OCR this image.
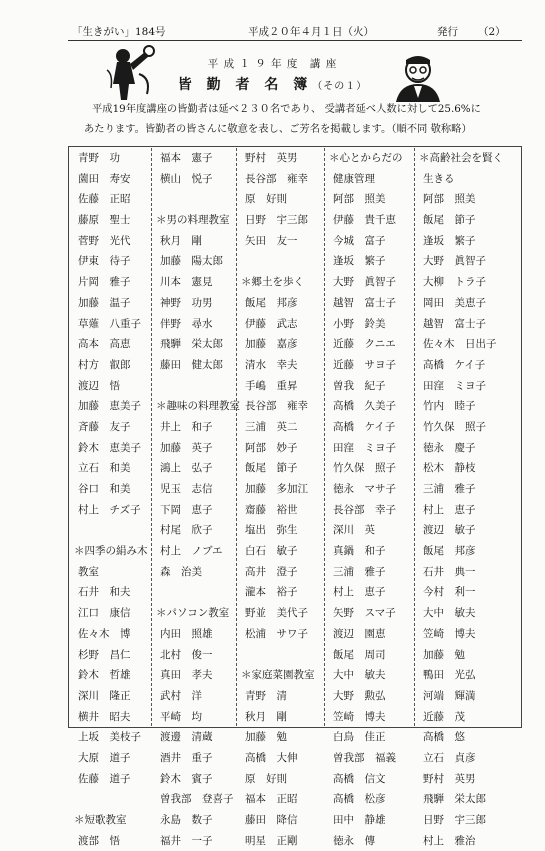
「生きがい」184号	平成２０年４月１日（火）	発行 （2）
平 成 １ ９ 年 度　講 座
皆 勤 者 名 簿（その１）
平成19年度講座の皆勤者は延べ２３０名であり、 受講者延べ人数に対して25.6%に
あたります。皆勤者の皆さんに敬意を表し、ご芳名を掲載します。（順不同 敬称略）
青野　功
薗田　寿安
佐藤　正昭
藤原　聖士
菅野　光代
伊東　待子
片岡　雅子
加藤　温子
草薙　八重子
高本　高恵
村方　叡郎
渡辺　悟
加藤　恵美子
斉藤　友子
鈴木　恵美子
立石　和美
谷口　和美
村上　チズ子
＊四季の絹み木
教室
石井　和夫
江口　康信
佐々木　博
杉野　昌仁
鈴木　哲雄
深川　隆正
横井　昭夫
上坂　美枝子
大原　道子
佐藤　道子
＊短歌教室
渡部　悟
福本　憲子
横山　悦子
＊男の料理教室
秋月　剛
加藤　陽太郎
川本　憲見
神野　功男
伴野　尋水
飛騨　栄太郎
藤田　健太郎
＊趣味の料理教室
井上　和子
加藤　英子
鴻上　弘子
児玉　志信
下岡　恵子
村尾　欣子
村上　ノブエ
森　治美
＊パソコン教室
内田　照雄
北村　俊一
真田　孝夫
武村　洋
平崎　均
渡邊　清蔵
酒井　重子
鈴木　賓子
曽我部　登喜子
永島　数子
福井　一子
野村　英男
長谷部　雍幸
原　好則
日野　宇三郎
矢田　友一
＊郷土を歩く
飯尾　邦彦
伊藤　武志
加藤　嘉彦
清水　幸夫
手嶋　重昇
長谷部　雍幸
三浦　英二
阿部　妙子
飯尾　節子
加藤　多加江
齋藤　裕世
塩出　弥生
白石　敏子
高井　澄子
瀧本　裕子
野並　美代子
松浦　サワ子
＊家庭菜園教室
青野　清
秋月　剛
加藤　勉
高橋　大伸
原　好則
福本　正昭
藤田　降信
明星　正剛
＊心とからだの
健康管理
阿部　照美
伊藤　貴千恵
今城　富子
逢坂　繁子
大野　眞智子
越智　富士子
小野　鈴美
近藤　クニエ
近藤　サヨ子
曽我　紀子
高橋　久美子
高橋　ケイ子
田窪　ミヨ子
竹久保　照子
徳永　マサ子
長谷部　幸子
深川　英
真鍋　和子
三浦　雅子
村上　恵子
矢野　スマ子
渡辺　園恵
飯尾　周司
大中　敏夫
大野　勲弘
笠崎　博夫
白鳥　佳正
曽我部　福義
高橋　信文
高橋　松彦
田中　静雄
徳永　傳
＊高齢社会を賢く
生きる
阿部　照美
飯尾　節子
逢坂　繁子
大野　眞智子
大柳　トラ子
岡田　美恵子
越智　富士子
佐々木　日出子
高橋　ケイ子
田窪　ミヨ子
竹内　睦子
竹久保　照子
徳永　慶子
松木　静枝
三浦　雅子
村上　恵子
渡辺　敏子
飯尾　邦彦
石井　典一
今村　利一
大中　敏夫
笠崎　博夫
加藤　勉
鴨田　光弘
河端　輝満
近藤　茂
高橋　悠
立石　貞彦
野村　英男
飛騨　栄太郎
日野　宇三郎
村上　雅治
